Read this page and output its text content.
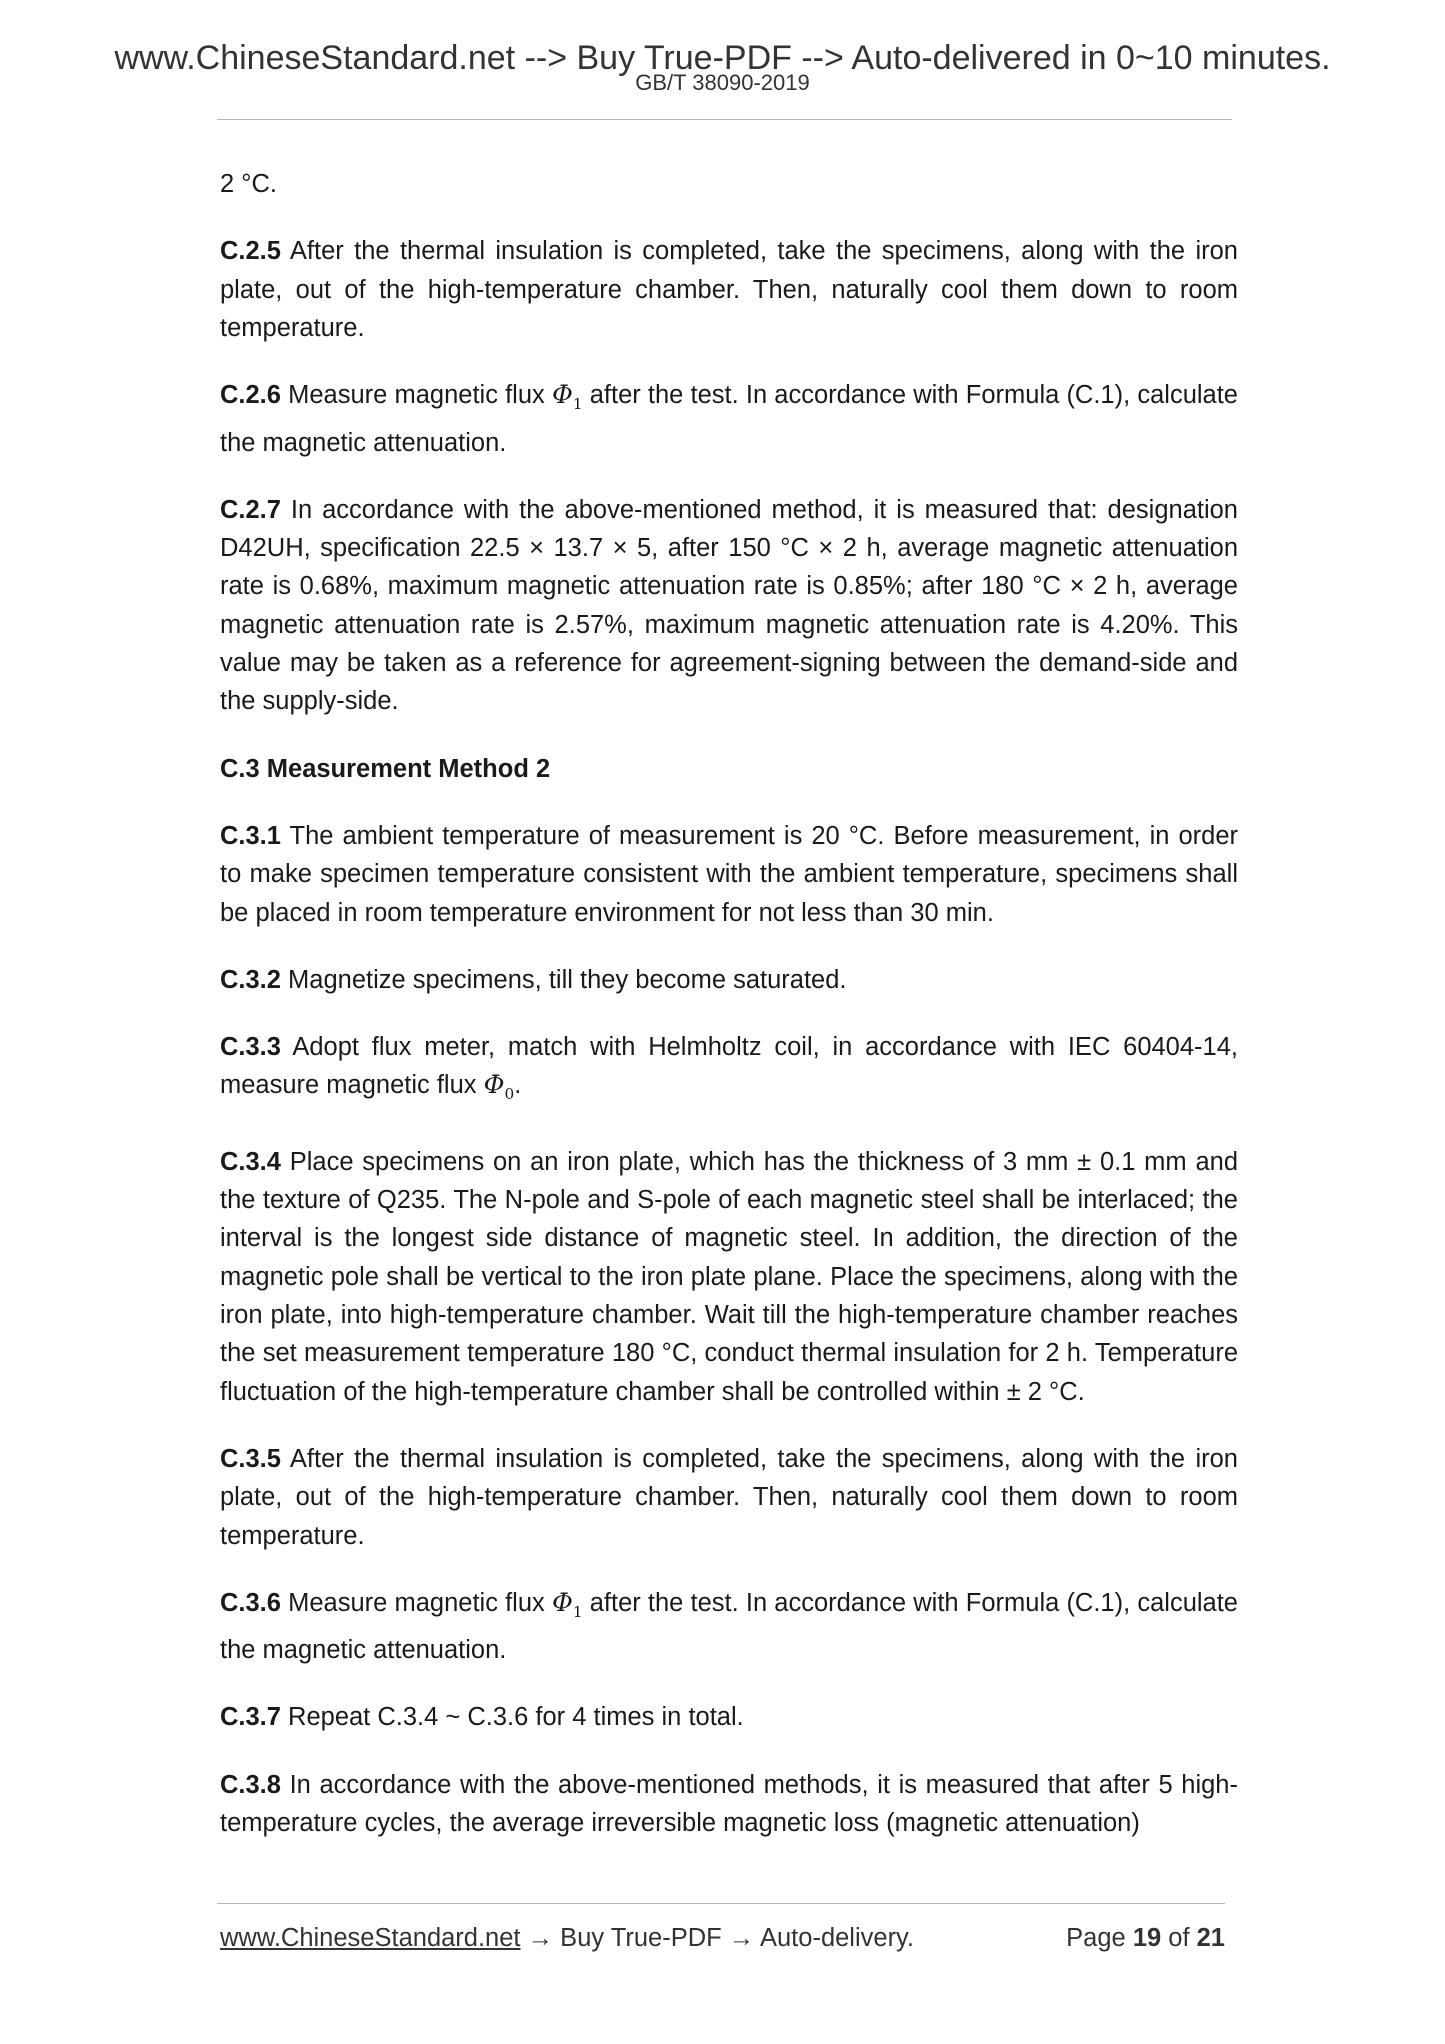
www.ChineseStandard.net --> Buy True-PDF --> Auto-delivered in 0~10 minutes.
GB/T 38090-2019

2 °C.

C.2.5 After the thermal insulation is completed, take the specimens, along with the iron plate, out of the high-temperature chamber. Then, naturally cool them down to room temperature.

C.2.6 Measure magnetic flux $\Phi_1$ after the test. In accordance with Formula (C.1), calculate the magnetic attenuation.

C.2.7 In accordance with the above-mentioned method, it is measured that: designation D42UH, specification 22.5 × 13.7 × 5, after 150 °C × 2 h, average magnetic attenuation rate is 0.68%, maximum magnetic attenuation rate is 0.85%; after 180 °C × 2 h, average magnetic attenuation rate is 2.57%, maximum magnetic attenuation rate is 4.20%. This value may be taken as a reference for agreement-signing between the demand-side and the supply-side.

C.3 Measurement Method 2

C.3.1 The ambient temperature of measurement is 20 °C. Before measurement, in order to make specimen temperature consistent with the ambient temperature, specimens shall be placed in room temperature environment for not less than 30 min.

C.3.2 Magnetize specimens, till they become saturated.

C.3.3 Adopt flux meter, match with Helmholtz coil, in accordance with IEC 60404-14, measure magnetic flux $\Phi_0$.

C.3.4 Place specimens on an iron plate, which has the thickness of 3 mm ± 0.1 mm and the texture of Q235. The N-pole and S-pole of each magnetic steel shall be interlaced; the interval is the longest side distance of magnetic steel. In addition, the direction of the magnetic pole shall be vertical to the iron plate plane. Place the specimens, along with the iron plate, into high-temperature chamber. Wait till the high-temperature chamber reaches the set measurement temperature 180 °C, conduct thermal insulation for 2 h. Temperature fluctuation of the high-temperature chamber shall be controlled within ± 2 °C.

C.3.5 After the thermal insulation is completed, take the specimens, along with the iron plate, out of the high-temperature chamber. Then, naturally cool them down to room temperature.

C.3.6 Measure magnetic flux $\Phi_1$ after the test. In accordance with Formula (C.1), calculate the magnetic attenuation.

C.3.7 Repeat C.3.4 ~ C.3.6 for 4 times in total.

C.3.8 In accordance with the above-mentioned methods, it is measured that after 5 high-temperature cycles, the average irreversible magnetic loss (magnetic attenuation)

www.ChineseStandard.net → Buy True-PDF → Auto-delivery.	Page 19 of 21
